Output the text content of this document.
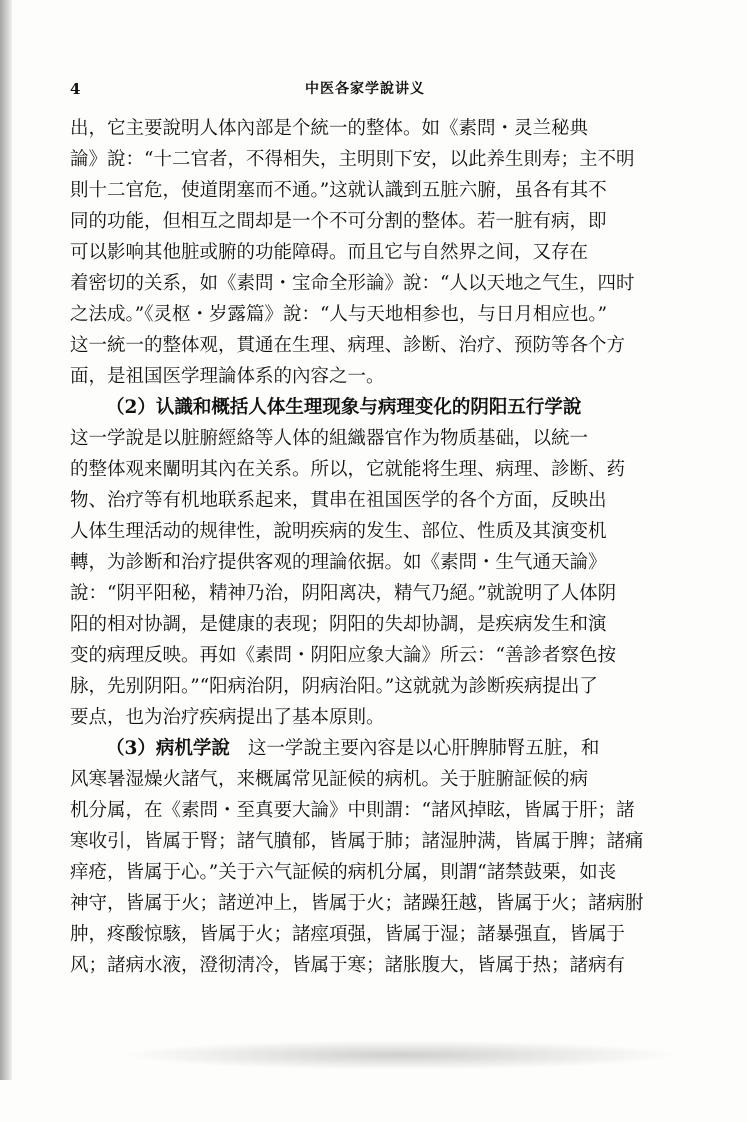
4	中医各家学說讲义
出，它主要說明人体內部是个統一的整体。如《素問・灵兰秘典
論》說：“十二官者，不得相失，主明則下安，以此养生則寿；主不明
則十二官危，使道閉塞而不通。”这就认識到五脏六腑，虽各有其不
同的功能，但相互之間却是一个不可分割的整体。若一脏有病，即
可以影响其他脏或腑的功能障碍。而且它与自然界之间，又存在
着密切的关系，如《素問・宝命全形論》說：“人以天地之气生，四时
之法成。”《灵枢・岁露篇》說：“人与天地相参也，与日月相应也。”
这一統一的整体观，貫通在生理、病理、診断、治疗、预防等各个方
面，是祖国医学理論体系的內容之一。
（2）认識和概括人体生理现象与病理变化的阴阳五行学說
这一学說是以脏腑經絡等人体的組織器官作为物质基础，以統一
的整体观来闡明其內在关系。所以，它就能将生理、病理、診断、药
物、治疗等有机地联系起来，貫串在祖国医学的各个方面，反映出
人体生理活动的规律性，說明疾病的发生、部位、性质及其演变机
轉，为診断和治疗提供客观的理論依据。如《素問・生气通天論》
說：“阴平阳秘，精神乃治，阴阳离决，精气乃絕。”就說明了人体阴
阳的相对协調，是健康的表现；阴阳的失却协調，是疾病发生和演
变的病理反映。再如《素問・阴阳应象大論》所云：“善診者察色按
脉，先别阴阳。”“阳病治阴，阴病治阳。”这就就为診断疾病提出了
要点，也为治疗疾病提出了基本原則。
（3）病机学說 这一学說主要內容是以心肝脾肺腎五脏，和
风寒暑湿燥火諸气，来概属常见証候的病机。关于脏腑証候的病
机分属，在《素問・至真要大論》中則謂：“諸风掉眩，皆属于肝；諸
寒收引，皆属于腎；諸气膹郁，皆属于肺；諸湿肿满，皆属于脾；諸痛
痒疮，皆属于心。”关于六气証候的病机分属，則謂“諸禁鼓栗，如丧
神守，皆属于火；諸逆冲上，皆属于火；諸躁狂越，皆属于火；諸病胕
肿，疼酸惊駭，皆属于火；諸痙項强，皆属于湿；諸暴强直，皆属于
风；諸病水液，澄彻淸冷，皆属于寒；諸胀腹大，皆属于热；諸病有
